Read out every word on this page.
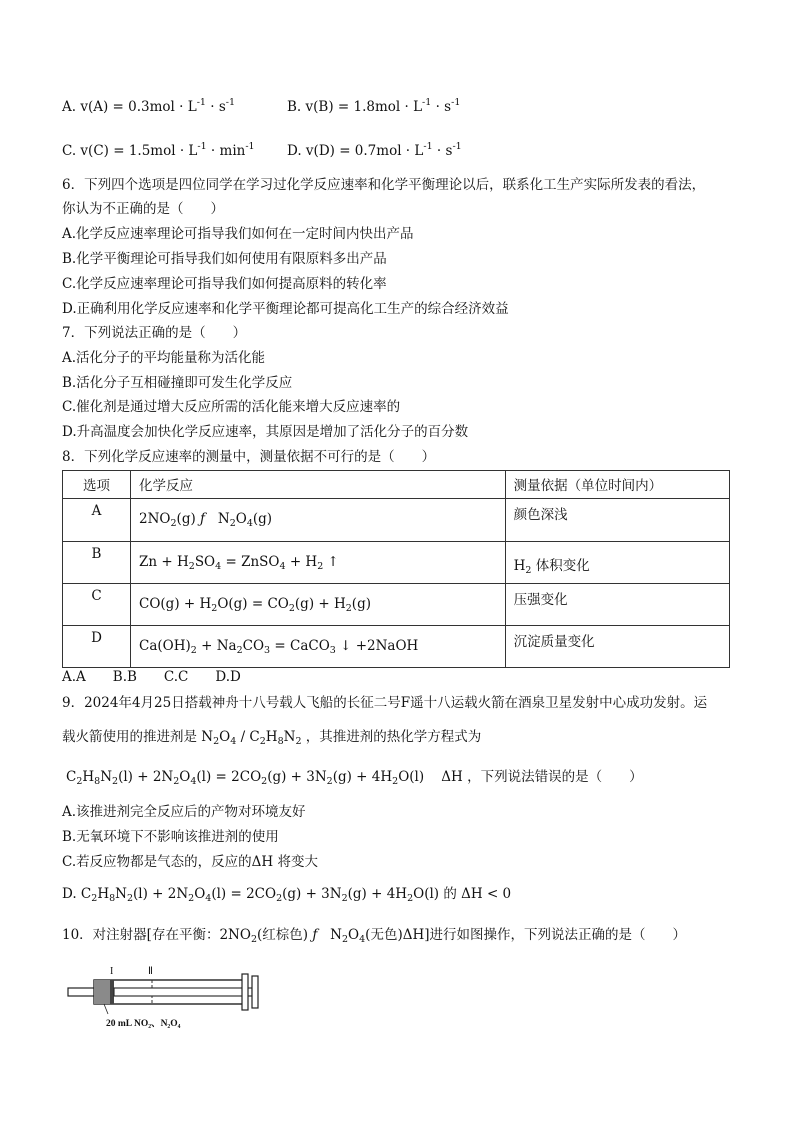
A. $v(A) = 0.3mol \cdot L^{-1} \cdot s^{-1}$	B. $v(B) = 1.8mol \cdot L^{-1} \cdot s^{-1}$
C. $v(C) = 1.5mol \cdot L^{-1} \cdot \min^{-1} D$. $v(D) = 0.7mol \cdot L^{-1} \cdot s^{-1}$
6．下列四个选项是四位同学在学习过化学反应速率和化学平衡理论以后，联系化工生产实际所发表的看法，
你认为不正确的是（　　）
A.化学反应速率理论可指导我们如何在一定时间内快出产品
B.化学平衡理论可指导我们如何使用有限原料多出产品
C.化学反应速率理论可指导我们如何提高原料的转化率
D.正确利用化学反应速率和化学平衡理论都可提高化工生产的综合经济效益
7．下列说法正确的是（　　）
A.活化分子的平均能量称为活化能
B.活化分子互相碰撞即可发生化学反应
C.催化剂是通过增大反应所需的活化能来增大反应速率的
D.升高温度会加快化学反应速率，其原因是增加了活化分子的百分数
8．下列化学反应速率的测量中，测量依据不可行的是（　　）
选项	化学反应	测量依据（单位时间内）

A	$2NO_2(g)$ ƒ   $N_2O_4(g)$	颜色深浅

B	$Zn + H_2SO_4$ = ZnSO$_4$ + $H_2$ ↑	$H_2$ 体积变化

C	$CO(g) + H_2O(g) = CO_2(g) + H_2(g)$	压强变化

D	$Ca(OH)_2 + Na_2CO_3$ = CaCO$_3$ ↓ +2NaOH	沉淀质量变化
A.A　　B.B　　C.C　　D.D
9．2024年4月25日搭载神舟十八号载人飞船的长征二号F遥十八运载火箭在酒泉卫星发射中心成功发射。运
载火箭使用的推进剂是 $N_2O_4 / C_2H_8N_2$ ，其推进剂的热化学方程式为
$C_2H_8N_2(l) + 2N_2O_4(l) = 2CO_2(g) + 3N_2(g) + 4H_2O(l)$    ΔH ，下列说法错误的是（　　）
A.该推进剂完全反应后的产物对环境友好
B.无氧环境下不影响该推进剂的使用
C.若反应物都是气态的，反应的ΔH 将变大
D. $C_2H_8N_2(l) + 2N_2O_4(l) = 2CO_2(g) + 3N_2(g) + 4H_2O(l)$ 的 ΔH < 0
10．对注射器[存在平衡：$2NO_2$(红棕色) ƒ   $N_2O_4$(无色)ΔH]进行如图操作，下列说法正确的是（　　）
I	Ⅱ
20 mL NO₂、N₂O₄
